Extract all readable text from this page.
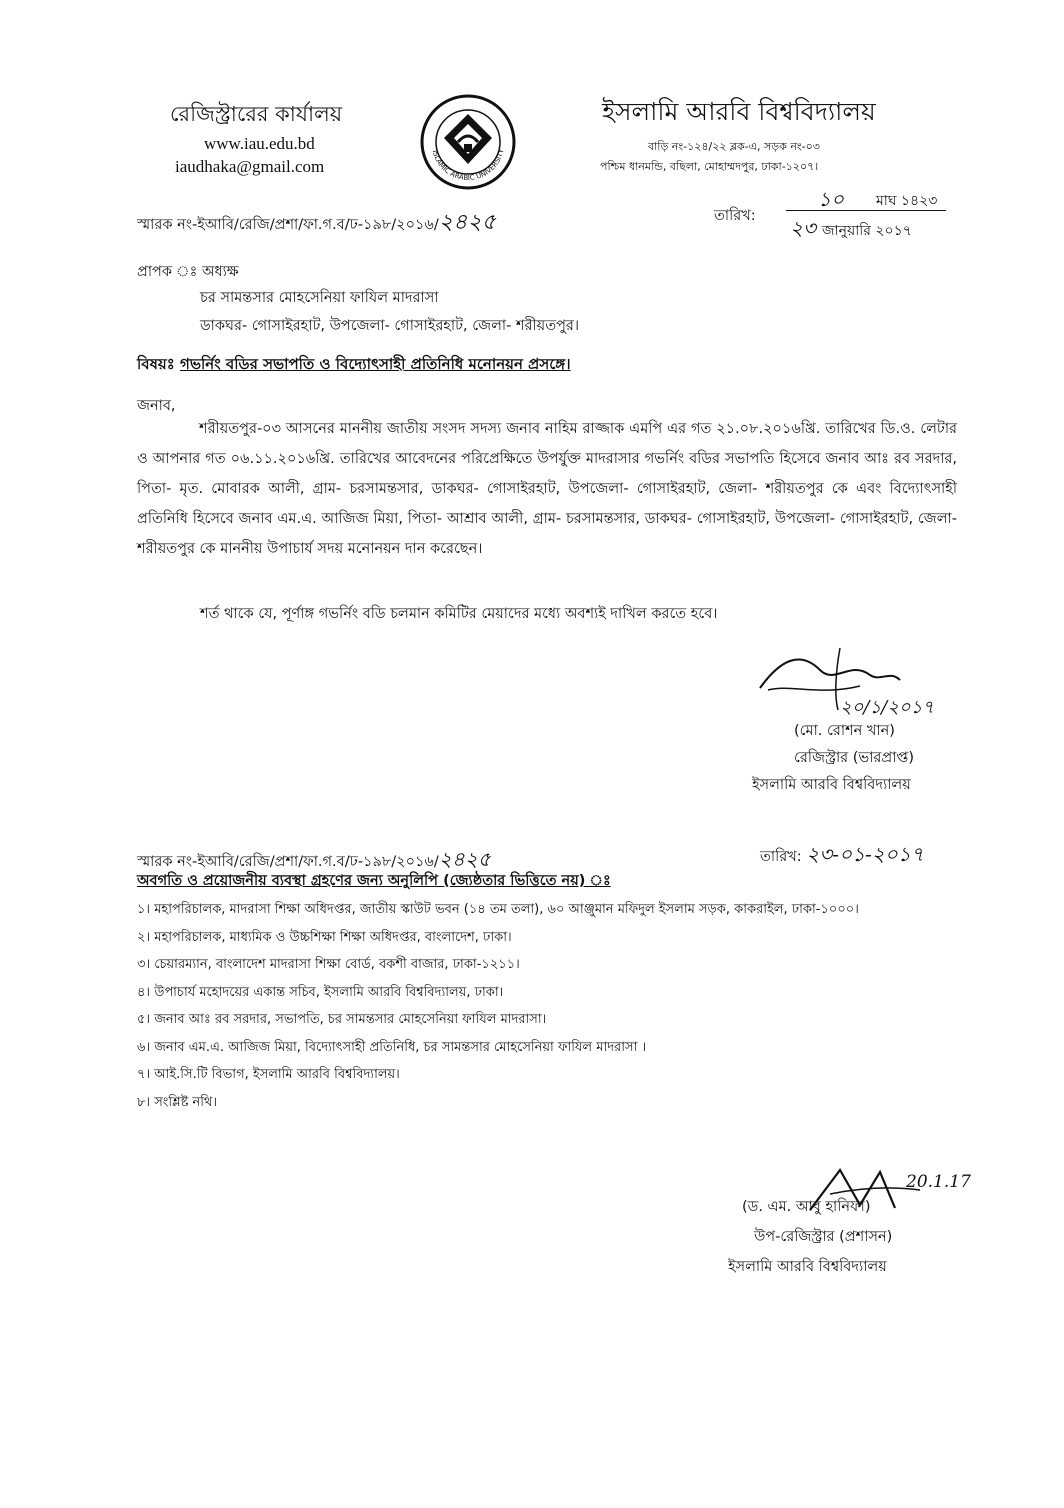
রেজিস্ট্রারের কার্যালয়
www.iau.edu.bd
iaudhaka@gmail.com
ISLAMIC ARABIC UNIVERSITY
ইসলামি আরবি বিশ্ববিদ্যালয়
বাড়ি নং-১২৪/২২ ব্লক-এ, সড়ক নং-০৩
পশ্চিম ধানমন্ডি, বছিলা, মোহাম্মদপুর, ঢাকা-১২০৭।
স্মারক নং-ইআবি/রেজি/প্রশা/ফা.গ.ব/ঢ-১৯৮/২০১৬/২৪২৫	তারিখ:
১০ মাঘ ১৪২৩
২৩ জানুয়ারি ২০১৭
প্রাপক ঃ অধ্যক্ষ
চর সামন্তসার মোহসেনিয়া ফাযিল মাদরাসা
ডাকঘর- গোসাইরহাট, উপজেলা- গোসাইরহাট, জেলা- শরীয়তপুর।
বিষয়ঃ গভর্নিং বডির সভাপতি ও বিদ্যোৎসাহী প্রতিনিধি মনোনয়ন প্রসঙ্গে।
জনাব,
শরীয়তপুর-০৩ আসনের মাননীয় জাতীয় সংসদ সদস্য জনাব নাহিম রাজ্জাক এমপি এর গত ২১.০৮.২০১৬খ্রি. তারিখের ডি.ও. লেটার ও আপনার গত ০৬.১১.২০১৬খ্রি. তারিখের আবেদনের পরিপ্রেক্ষিতে উপর্যুক্ত মাদরাসার গভর্নিং বডির সভাপতি হিসেবে জনাব আঃ রব সরদার, পিতা- মৃত. মোবারক আলী, গ্রাম- চরসামন্তসার, ডাকঘর- গোসাইরহাট, উপজেলা- গোসাইরহাট, জেলা- শরীয়তপুর কে এবং বিদ্যোৎসাহী প্রতিনিধি হিসেবে জনাব এম.এ. আজিজ মিয়া, পিতা- আশ্রাব আলী, গ্রাম- চরসামন্তসার, ডাকঘর- গোসাইরহাট, উপজেলা- গোসাইরহাট, জেলা- শরীয়তপুর কে মাননীয় উপাচার্য সদয় মনোনয়ন দান করেছেন।
শর্ত থাকে যে, পূর্ণাঙ্গ গভর্নিং বডি চলমান কমিটির মেয়াদের মধ্যে অবশ্যই দাখিল করতে হবে।
২০/১/২০১৭
(মো. রোশন খান)
রেজিস্ট্রার (ভারপ্রাপ্ত)
ইসলামি আরবি বিশ্ববিদ্যালয়
স্মারক নং-ইআবি/রেজি/প্রশা/ফা.গ.ব/ঢ-১৯৮/২০১৬/২৪২৫	তারিখ: ২৩-০১-২০১৭
অবগতি ও প্রয়োজনীয় ব্যবস্থা গ্রহণের জন্য অনুলিপি (জ্যেষ্ঠতার ভিত্তিতে নয়) ঃ
১। মহাপরিচালক, মাদরাসা শিক্ষা অধিদপ্তর, জাতীয় স্কাউট ভবন (১৪ তম তলা), ৬০ আঞ্জুমান মফিদুল ইসলাম সড়ক, কাকরাইল, ঢাকা-১০০০।
২। মহাপরিচালক, মাধ্যমিক ও উচ্চশিক্ষা শিক্ষা অধিদপ্তর, বাংলাদেশ, ঢাকা।
৩। চেয়ারম্যান, বাংলাদেশ মাদরাসা শিক্ষা বোর্ড, বকশী বাজার, ঢাকা-১২১১।
৪। উপাচার্য মহোদয়ের একান্ত সচিব, ইসলামি আরবি বিশ্ববিদ্যালয়, ঢাকা।
৫। জনাব আঃ রব সরদার, সভাপতি, চর সামন্তসার মোহসেনিয়া ফাযিল মাদরাসা।
৬। জনাব এম.এ. আজিজ মিয়া, বিদ্যোৎসাহী প্রতিনিধি, চর সামন্তসার মোহসেনিয়া ফাযিল মাদরাসা ।
৭। আই.সি.টি বিভাগ, ইসলামি আরবি বিশ্ববিদ্যালয়।
৮। সংশ্লিষ্ট নথি।
20.1.17
(ড. এম. আবু হানিফা)
উপ-রেজিস্ট্রার (প্রশাসন)
ইসলামি আরবি বিশ্ববিদ্যালয়
